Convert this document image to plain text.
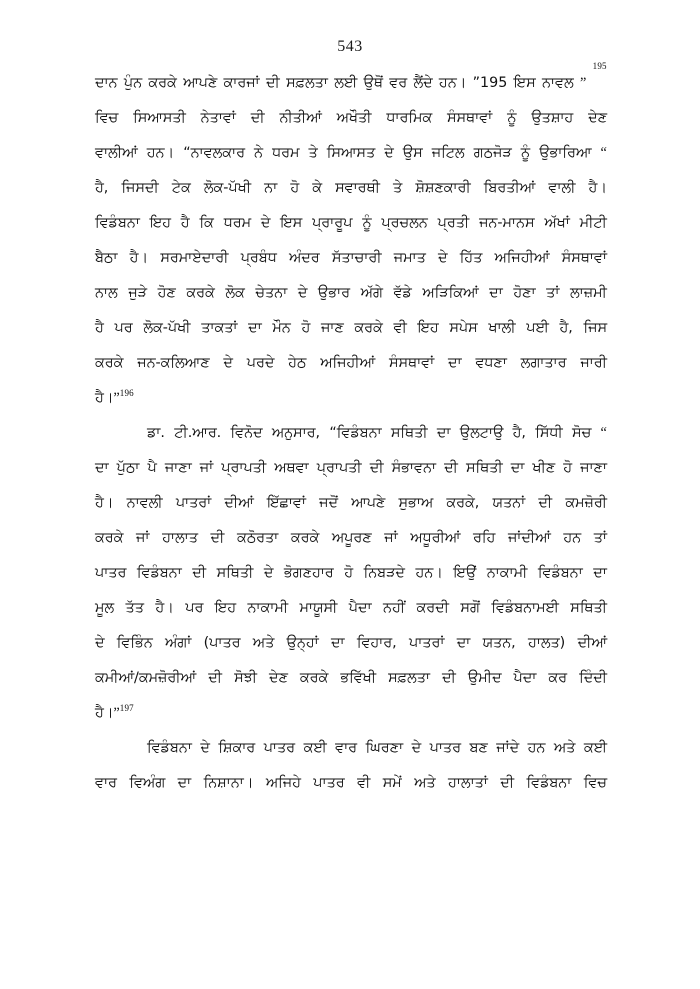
543
ਦਾਨ ਪੁੰਨ ਕਰਕੇ ਆਪਣੇ ਕਾਰਜਾਂ ਦੀ ਸਫ਼ਲਤਾ ਲਈ ਉਥੋਂ ਵਰ ਲੈਂਦੇ ਹਨ। ”195 ਇਸ ਨਾਵਲ ”
195
ਵਿਚ ਸਿਆਸਤੀ ਨੇਤਾਵਾਂ ਦੀ ਨੀਤੀਆਂ ਅਖੌਤੀ ਧਾਰਮਿਕ ਸੰਸਥਾਵਾਂ ਨੂੰ ਉਤਸ਼ਾਹ ਦੇਣ
ਵਾਲੀਆਂ ਹਨ। “ਨਾਵਲਕਾਰ ਨੇ ਧਰਮ ਤੇ ਸਿਆਸਤ ਦੇ ਉਸ ਜਟਿਲ ਗਠਜੋੜ ਨੂੰ ਉਭਾਰਿਆ “
ਹੈ, ਜਿਸਦੀ ਟੇਕ ਲੋਕ-ਪੱਖੀ ਨਾ ਹੋ ਕੇ ਸਵਾਰਥੀ ਤੇ ਸ਼ੋਸ਼ਣਕਾਰੀ ਬਿਰਤੀਆਂ ਵਾਲੀ ਹੈ।
ਵਿਡੰਬਨਾ ਇਹ ਹੈ ਕਿ ਧਰਮ ਦੇ ਇਸ ਪ੍ਰਾਰੂਪ ਨੂੰ ਪ੍ਰਚਲਨ ਪ੍ਰਤੀ ਜਨ-ਮਾਨਸ ਅੱਖਾਂ ਮੀਟੀ
ਬੈਠਾ ਹੈ। ਸਰਮਾਏਦਾਰੀ ਪ੍ਰਬੰਧ ਅੰਦਰ ਸੱਤਾਚਾਰੀ ਜਮਾਤ ਦੇ ਹਿੱਤ ਅਜਿਹੀਆਂ ਸੰਸਥਾਵਾਂ
ਨਾਲ ਜੁੜੇ ਹੋਣ ਕਰਕੇ ਲੋਕ ਚੇਤਨਾ ਦੇ ਉਭਾਰ ਅੱਗੇ ਵੱਡੇ ਅੜਿਕਿਆਂ ਦਾ ਹੋਣਾ ਤਾਂ ਲਾਜ਼ਮੀ
ਹੈ ਪਰ ਲੋਕ-ਪੱਖੀ ਤਾਕਤਾਂ ਦਾ ਮੌਨ ਹੋ ਜਾਣ ਕਰਕੇ ਵੀ ਇਹ ਸਪੇਸ ਖਾਲੀ ਪਈ ਹੈ, ਜਿਸ
ਕਰਕੇ ਜਨ-ਕਲਿਆਣ ਦੇ ਪਰਦੇ ਹੇਠ ਅਜਿਹੀਆਂ ਸੰਸਥਾਵਾਂ ਦਾ ਵਧਣਾ ਲਗਾਤਾਰ ਜਾਰੀ
ਹੈ।”$^{196}$
ਡਾ. ਟੀ.ਆਰ. ਵਿਨੋਦ ਅਨੁਸਾਰ, “ਵਿਡੰਬਨਾ ਸਥਿਤੀ ਦਾ ਉਲਟਾਉ ਹੈ, ਸਿੱਧੀ ਸੋਚ “
ਦਾ ਪੁੱਠਾ ਪੈ ਜਾਣਾ ਜਾਂ ਪ੍ਰਾਪਤੀ ਅਥਵਾ ਪ੍ਰਾਪਤੀ ਦੀ ਸੰਭਾਵਨਾ ਦੀ ਸਥਿਤੀ ਦਾ ਖੀਣ ਹੋ ਜਾਣਾ
ਹੈ। ਨਾਵਲੀ ਪਾਤਰਾਂ ਦੀਆਂ ਇੱਛਾਵਾਂ ਜਦੋਂ ਆਪਣੇ ਸੁਭਾਅ ਕਰਕੇ, ਯਤਨਾਂ ਦੀ ਕਮਜ਼ੋਰੀ
ਕਰਕੇ ਜਾਂ ਹਾਲਾਤ ਦੀ ਕਠੋਰਤਾ ਕਰਕੇ ਅਪੂਰਣ ਜਾਂ ਅਧੂਰੀਆਂ ਰਹਿ ਜਾਂਦੀਆਂ ਹਨ ਤਾਂ
ਪਾਤਰ ਵਿਡੰਬਨਾ ਦੀ ਸਥਿਤੀ ਦੇ ਭੋਗਣਹਾਰ ਹੋ ਨਿਬੜਦੇ ਹਨ। ਇਉਂ ਨਾਕਾਮੀ ਵਿਡੰਬਨਾ ਦਾ
ਮੂਲ ਤੱਤ ਹੈ। ਪਰ ਇਹ ਨਾਕਾਮੀ ਮਾਯੂਸੀ ਪੈਦਾ ਨਹੀਂ ਕਰਦੀ ਸਗੋਂ ਵਿਡੰਬਨਾਮਈ ਸਥਿਤੀ
ਦੇ ਵਿਭਿੰਨ ਅੰਗਾਂ (ਪਾਤਰ ਅਤੇ ਉਨ੍ਹਾਂ ਦਾ ਵਿਹਾਰ, ਪਾਤਰਾਂ ਦਾ ਯਤਨ, ਹਾਲਤ) ਦੀਆਂ
ਕਮੀਆਂ/ਕਮਜ਼ੋਰੀਆਂ ਦੀ ਸੋਝੀ ਦੇਣ ਕਰਕੇ ਭਵਿੱਖੀ ਸਫ਼ਲਤਾ ਦੀ ਉਮੀਦ ਪੈਦਾ ਕਰ ਦਿੰਦੀ
ਹੈ।”$^{197}$
ਵਿਡੰਬਨਾ ਦੇ ਸ਼ਿਕਾਰ ਪਾਤਰ ਕਈ ਵਾਰ ਘਿਰਣਾ ਦੇ ਪਾਤਰ ਬਣ ਜਾਂਦੇ ਹਨ ਅਤੇ ਕਈ
ਵਾਰ ਵਿਅੰਗ ਦਾ ਨਿਸ਼ਾਨਾ। ਅਜਿਹੇ ਪਾਤਰ ਵੀ ਸਮੇਂ ਅਤੇ ਹਾਲਾਤਾਂ ਦੀ ਵਿਡੰਬਨਾ ਵਿਚ
